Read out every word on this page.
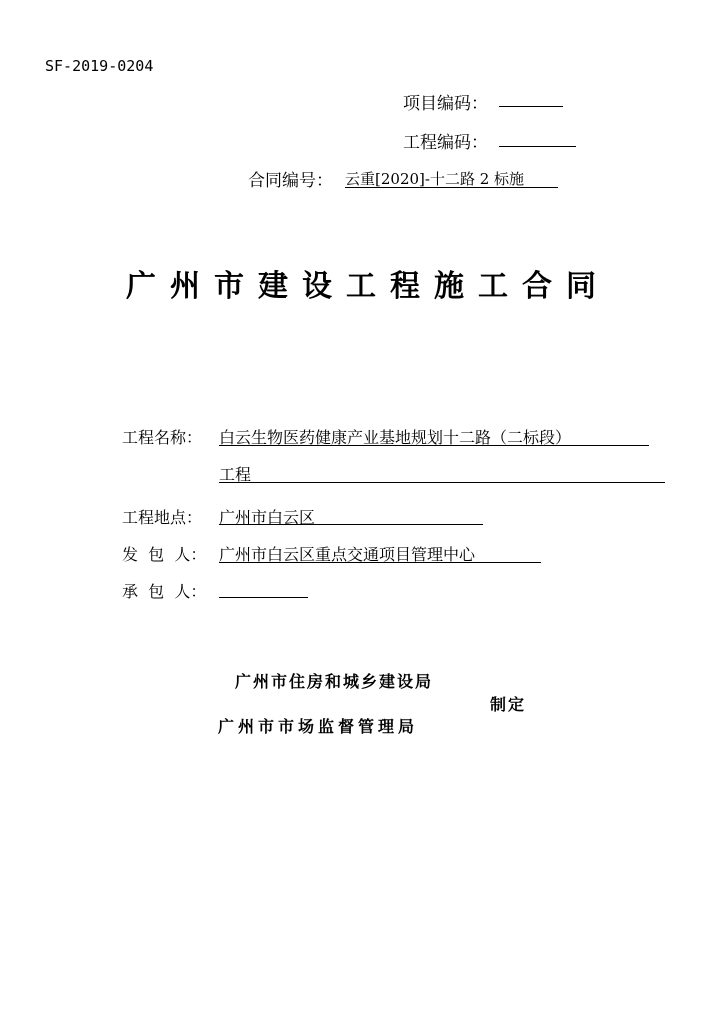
SF-2019-0204
项目编码：
工程编码：
合同编号： 云重[2020]-十二路 2 标施
广州市建设工程施工合同
工程名称： 白云生物医药健康产业基地规划十二路（二标段）
工程
工程地点： 广州市白云区
发  包  人： 广州市白云区重点交通项目管理中心
承  包  人：
广州市住房和城乡建设局
制定
广州市市场监督管理局
